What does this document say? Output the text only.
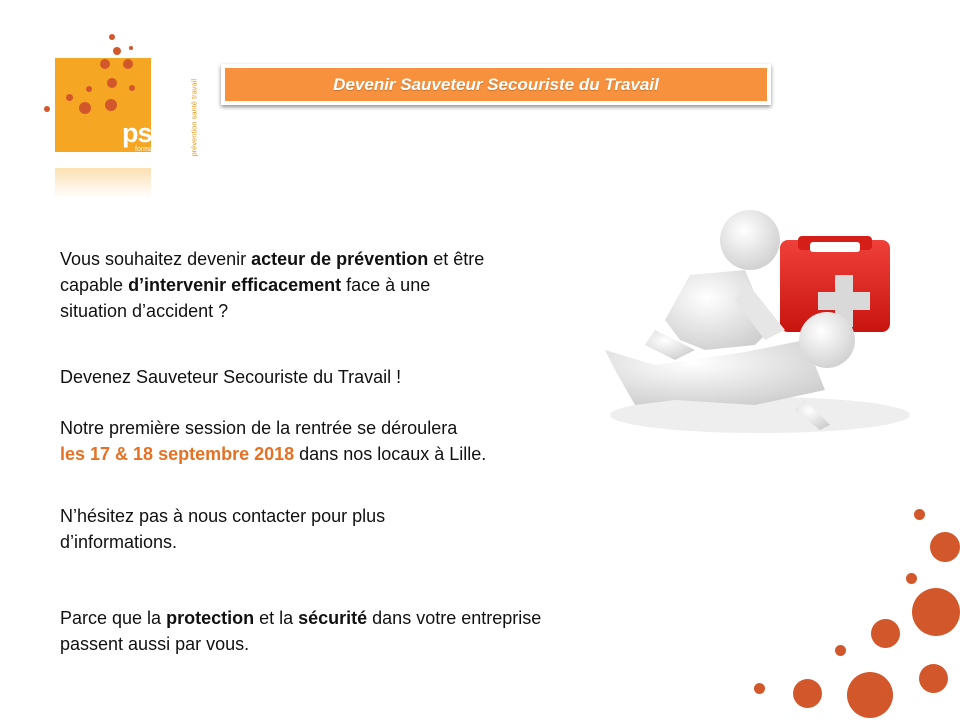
pst
formation	prévention santé travail	Devenir Sauveteur Secouriste du Travail
Vous souhaitez devenir acteur de prévention et être
capable d’intervenir efficacement face à une
situation d’accident ?
Devenez Sauveteur Secouriste du Travail !
Notre première session de la rentrée se déroulera
les 17 & 18 septembre 2018 dans nos locaux à Lille.
N’hésitez pas à nous contacter pour plus
d’informations.
Parce que la protection et la sécurité dans votre entreprise
passent aussi par vous.
